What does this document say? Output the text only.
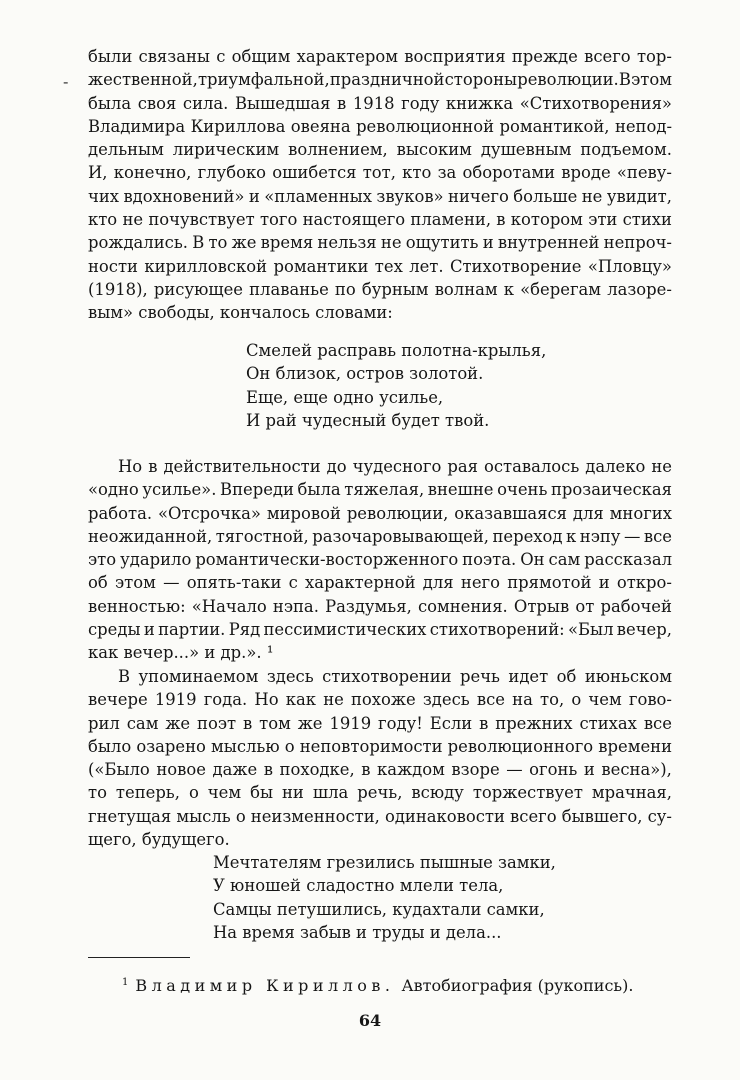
-
были связаны с общим характером восприятия прежде всего тор-
жественной, триумфальной, праздничной стороны революции. В этом
была своя сила. Вышедшая в 1918 году книжка «Стихотворения»
Владимира Кириллова овеяна революционной романтикой, непод-
дельным лирическим волнением, высоким душевным подъемом.
И, конечно, глубоко ошибется тот, кто за оборотами вроде «певу-
чих вдохновений» и «пламенных звуков» ничего больше не увидит,
кто не почувствует того настоящего пламени, в котором эти стихи
рождались. В то же время нельзя не ощутить и внутренней непроч-
ности кирилловской романтики тех лет. Стихотворение «Пловцу»
(1918), рисующее плаванье по бурным волнам к «берегам лазоре-
вым» свободы, кончалось словами:
Смелей расправь полотна-крылья,
Он близок, остров золотой.
Еще, еще одно усилье,
И рай чудесный будет твой.
Но в действительности до чудесного рая оставалось далеко не
«одно усилье». Впереди была тяжелая, внешне очень прозаическая
работа. «Отсрочка» мировой революции, оказавшаяся для многих
неожиданной, тягостной, разочаровывающей, переход к нэпу — все
это ударило романтически-восторженного поэта. Он сам рассказал
об этом — опять-таки с характерной для него прямотой и откро-
венностью: «Начало нэпа. Раздумья, сомнения. Отрыв от рабочей
среды и партии. Ряд пессимистических стихотворений: «Был вечер,
как вечер...» и др.». ¹
В упоминаемом здесь стихотворении речь идет об июньском
вечере 1919 года. Но как не похоже здесь все на то, о чем гово-
рил сам же поэт в том же 1919 году! Если в прежних стихах все
было озарено мыслью о неповторимости революционного времени
(«Было новое даже в походке, в каждом взоре — огонь и весна»),
то теперь, о чем бы ни шла речь, всюду торжествует мрачная,
гнетущая мысль о неизменности, одинаковости всего бывшего, су-
щего, будущего.
Мечтателям грезились пышные замки,
У юношей сладостно млели тела,
Самцы петушились, кудахтали самки,
На время забыв и труды и дела...
$^1$ Владимир Кириллов. Автобиография (рукопись).
64
